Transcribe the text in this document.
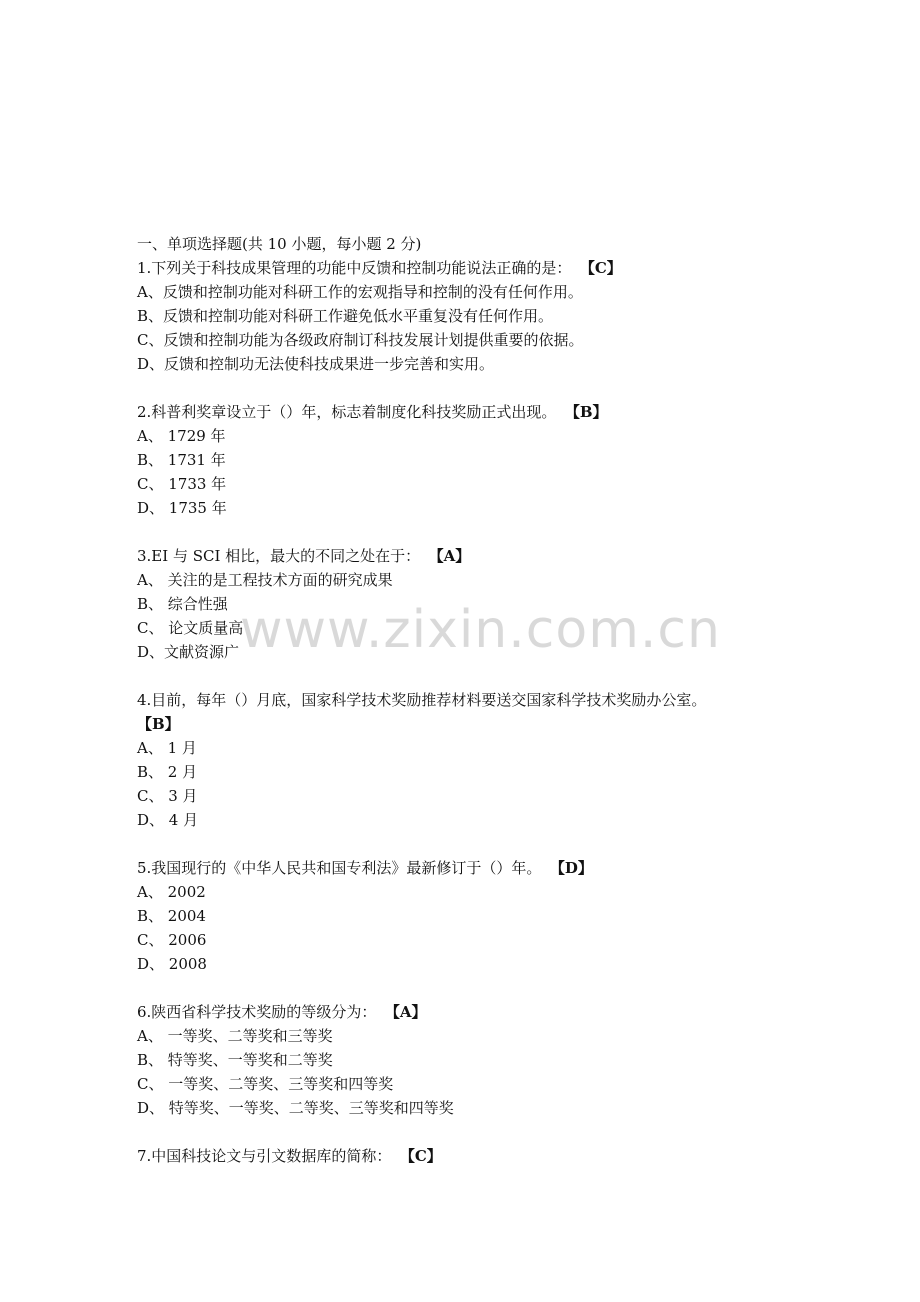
一、单项选择题(共 10 小题，每小题 2 分)
1.下列关于科技成果管理的功能中反馈和控制功能说法正确的是： 【C】
A、反馈和控制功能对科研工作的宏观指导和控制的没有任何作用。
B、反馈和控制功能对科研工作避免低水平重复没有任何作用。
C、反馈和控制功能为各级政府制订科技发展计划提供重要的依据。
D、反馈和控制功无法使科技成果进一步完善和实用。
2.科普利奖章设立于（）年，标志着制度化科技奖励正式出现。 【B】
A、 1729 年
B、 1731 年
C、 1733 年
D、 1735 年
3.EI 与 SCI 相比，最大的不同之处在于： 【A】
A、 关注的是工程技术方面的研究成果
B、 综合性强
C、 论文质量高
D、文献资源广
4.目前，每年（）月底，国家科学技术奖励推荐材料要送交国家科学技术奖励办公室。
【B】
A、 1 月
B、 2 月
C、 3 月
D、 4 月
5.我国现行的《中华人民共和国专利法》最新修订于（）年。 【D】
A、 2002
B、 2004
C、 2006
D、 2008
6.陕西省科学技术奖励的等级分为： 【A】
A、 一等奖、二等奖和三等奖
B、 特等奖、一等奖和二等奖
C、 一等奖、二等奖、三等奖和四等奖
D、 特等奖、一等奖、二等奖、三等奖和四等奖
7.中国科技论文与引文数据库的简称： 【C】
www.zixin.com.cn
